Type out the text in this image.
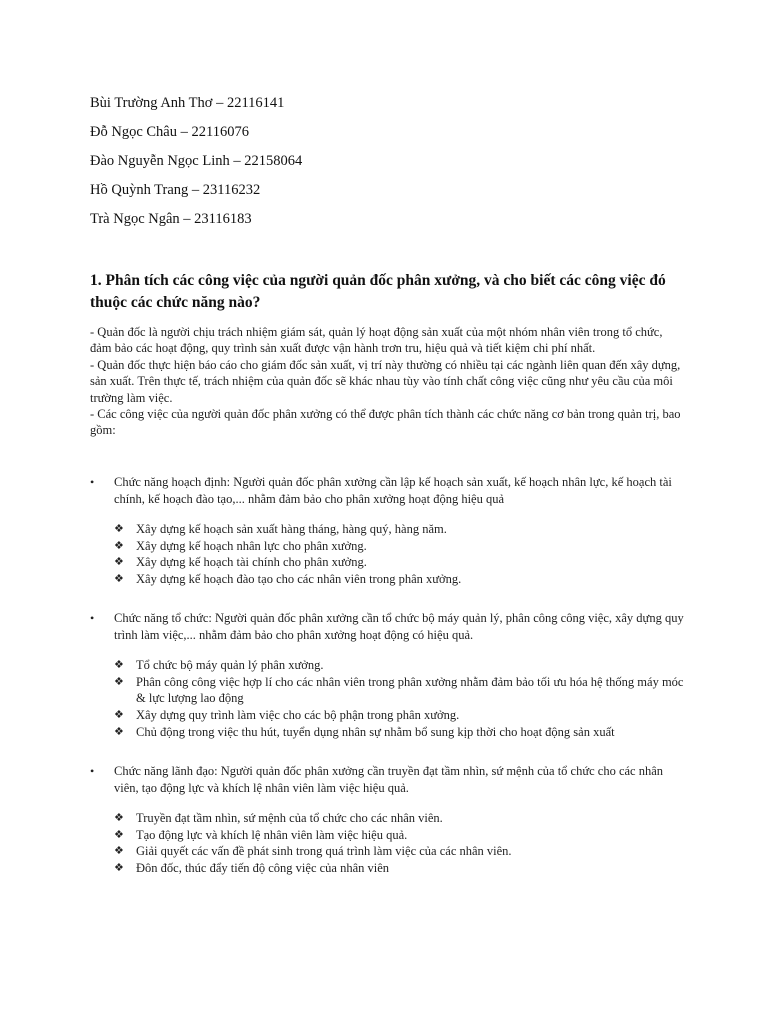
Bùi Trường Anh Thơ – 22116141
Đỗ Ngọc Châu – 22116076
Đào Nguyễn Ngọc Linh – 22158064
Hồ Quỳnh Trang – 23116232
Trà Ngọc Ngân – 23116183
1. Phân tích các công việc của người quản đốc phân xưởng, và cho biết các công việc đó thuộc các chức năng nào?

- Quản đốc là người chịu trách nhiệm giám sát, quản lý hoạt động sản xuất của một nhóm nhân viên trong tổ chức, đảm bảo các hoạt động, quy trình sản xuất được vận hành trơn tru, hiệu quả và tiết kiệm chi phí nhất.

- Quản đốc thực hiện báo cáo cho giám đốc sản xuất, vị trí này thường có nhiều tại các ngành liên quan đến xây dựng, sản xuất. Trên thực tế, trách nhiệm của quản đốc sẽ khác nhau tùy vào tính chất công việc cũng như yêu cầu của môi trường làm việc.

- Các công việc của người quản đốc phân xưởng có thể được phân tích thành các chức năng cơ bản trong quản trị, bao gồm:

•	Chức năng hoạch định: Người quản đốc phân xưởng cần lập kế hoạch sản xuất, kế hoạch nhân lực, kế hoạch tài chính, kế hoạch đào tạo,... nhằm đảm bảo cho phân xưởng hoạt động hiệu quả
❖ Xây dựng kế hoạch sản xuất hàng tháng, hàng quý, hàng năm.
❖ Xây dựng kế hoạch nhân lực cho phân xưởng.
❖ Xây dựng kế hoạch tài chính cho phân xưởng.
❖ Xây dựng kế hoạch đào tạo cho các nhân viên trong phân xưởng.
•	Chức năng tổ chức: Người quản đốc phân xưởng cần tổ chức bộ máy quản lý, phân công công việc, xây dựng quy trình làm việc,... nhằm đảm bảo cho phân xưởng hoạt động có hiệu quả.
❖ Tổ chức bộ máy quản lý phân xưởng.
❖ Phân công công việc hợp lí cho các nhân viên trong phân xưởng nhằm đảm bảo tối ưu hóa hệ thống máy móc & lực lượng lao động
❖ Xây dựng quy trình làm việc cho các bộ phận trong phân xưởng.
❖ Chủ động trong việc thu hút, tuyển dụng nhân sự nhằm bổ sung kịp thời cho hoạt động sản xuất
•	Chức năng lãnh đạo: Người quản đốc phân xưởng cần truyền đạt tầm nhìn, sứ mệnh của tổ chức cho các nhân viên, tạo động lực và khích lệ nhân viên làm việc hiệu quả.
❖ Truyền đạt tầm nhìn, sứ mệnh của tổ chức cho các nhân viên.
❖ Tạo động lực và khích lệ nhân viên làm việc hiệu quả.
❖ Giải quyết các vấn đề phát sinh trong quá trình làm việc của các nhân viên.
❖ Đôn đốc, thúc đẩy tiến độ công việc của nhân viên
